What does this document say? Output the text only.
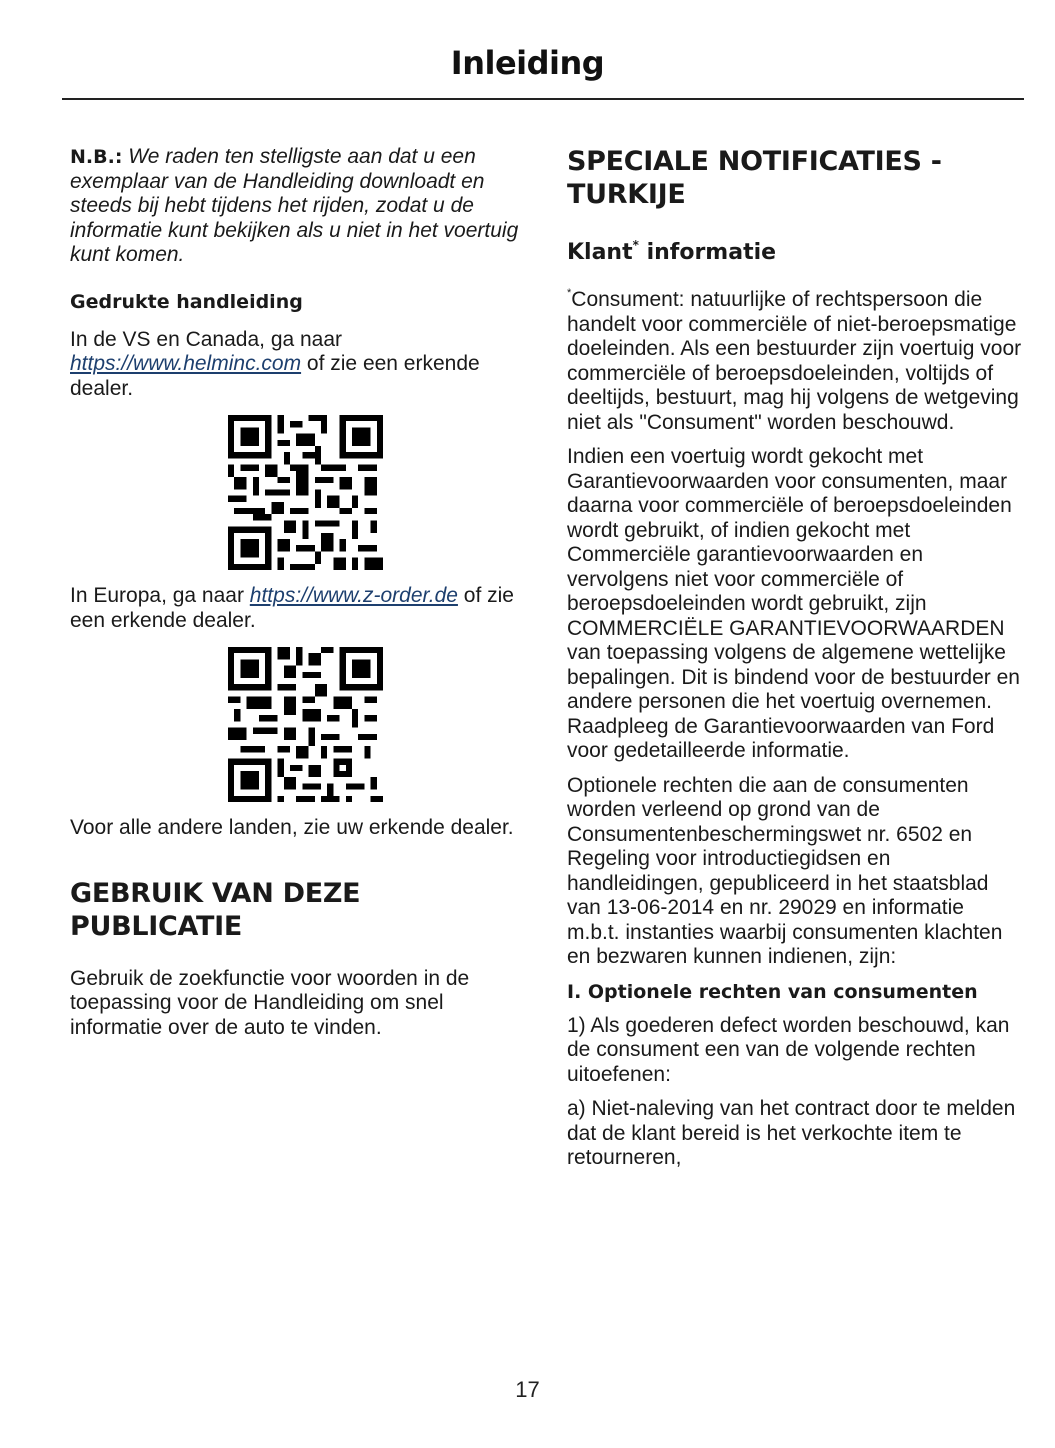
Inleiding

N.B.: We raden ten stelligste aan dat u een exemplaar van de Handleiding downloadt en steeds bij hebt tijdens het rijden, zodat u de informatie kunt bekijken als u niet in het voertuig kunt komen.

Gedrukte handleiding

In de VS en Canada, ga naar https://www.helminc.com of zie een erkende dealer.

In Europa, ga naar https://www.z-order.de of zie een erkende dealer.

Voor alle andere landen, zie uw erkende dealer.

GEBRUIK VAN DEZE PUBLICATIE

Gebruik de zoekfunctie voor woorden in de toepassing voor de Handleiding om snel informatie over de auto te vinden.

SPECIALE NOTIFICATIES - TURKIJE
Klant* informatie

*Consument: natuurlijke of rechtspersoon die handelt voor commerciële of niet-beroepsmatige doeleinden. Als een bestuurder zijn voertuig voor commerciële of beroepsdoeleinden, voltijds of deeltijds, bestuurt, mag hij volgens de wetgeving niet als "Consument" worden beschouwd.

Indien een voertuig wordt gekocht met Garantievoorwaarden voor consumenten, maar daarna voor commerciële of beroepsdoeleinden wordt gebruikt, of indien gekocht met Commerciële garantievoorwaarden en vervolgens niet voor commerciële of beroepsdoeleinden wordt gebruikt, zijn COMMERCIËLE GARANTIEVOORWAARDEN van toepassing volgens de algemene wettelijke bepalingen. Dit is bindend voor de bestuurder en andere personen die het voertuig overnemen. Raadpleeg de Garantievoorwaarden van Ford voor gedetailleerde informatie.

Optionele rechten die aan de consumenten worden verleend op grond van de Consumentenbeschermingswet nr. 6502 en Regeling voor introductiegidsen en handleidingen, gepubliceerd in het staatsblad van 13-06-2014 en nr. 29029 en informatie m.b.t. instanties waarbij consumenten klachten en bezwaren kunnen indienen, zijn:

I. Optionele rechten van consumenten

1) Als goederen defect worden beschouwd, kan de consument een van de volgende rechten uitoefenen:

a) Niet-naleving van het contract door te melden dat de klant bereid is het verkochte item te retourneren,

17
